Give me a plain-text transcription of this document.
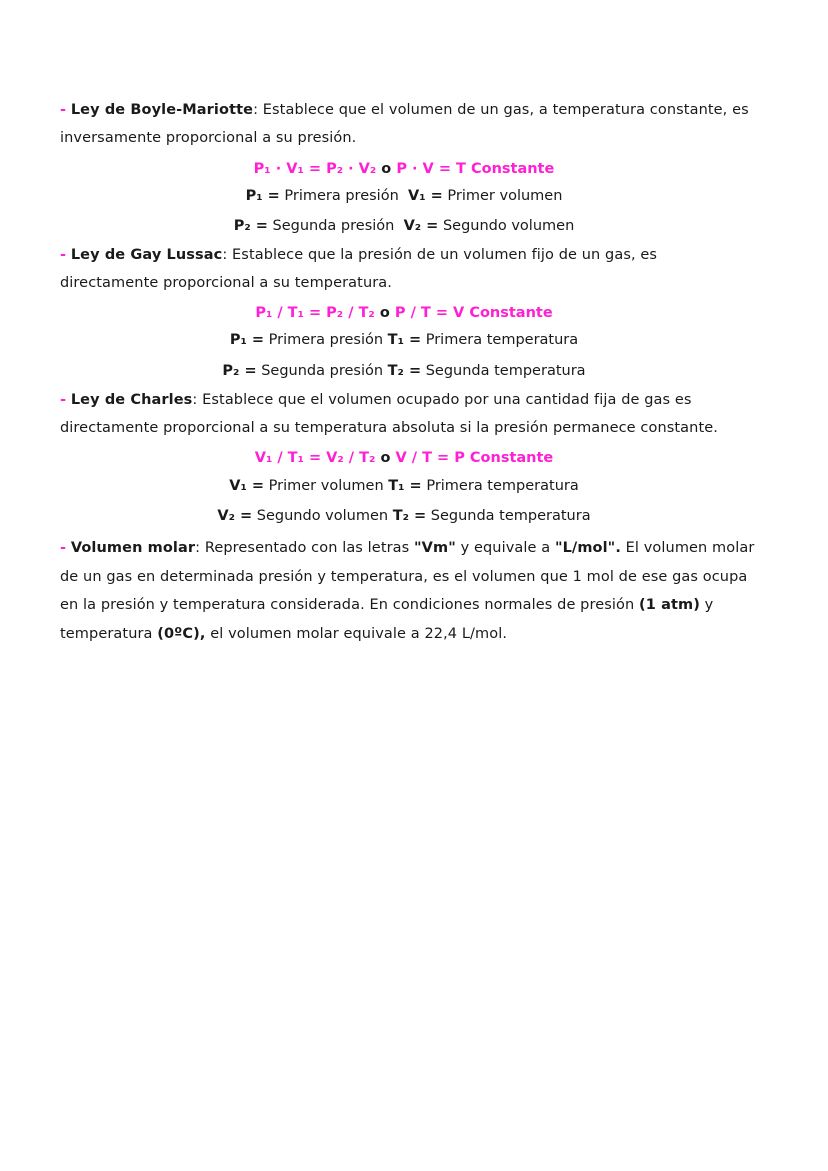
- Ley de Boyle-Mariotte: Establece que el volumen de un gas, a temperatura constante, es inversamente proporcional a su presión.
P₁ · V₁ = P₂ · V₂ o P · V = T Constante
P₁ = Primera presión V₁ = Primer volumen
P₂ = Segunda presión V₂ = Segundo volumen
- Ley de Gay Lussac: Establece que la presión de un volumen fijo de un gas, es directamente proporcional a su temperatura.
P₁ / T₁ = P₂ / T₂ o P / T = V Constante
P₁ = Primera presión T₁ = Primera temperatura
P₂ = Segunda presión T₂ = Segunda temperatura
- Ley de Charles: Establece que el volumen ocupado por una cantidad fija de gas es directamente proporcional a su temperatura absoluta si la presión permanece constante.
V₁ / T₁ = V₂ / T₂ o V / T = P Constante
V₁ = Primer volumen T₁ = Primera temperatura
V₂ = Segundo volumen T₂ = Segunda temperatura
- Volumen molar: Representado con las letras "Vm" y equivale a "L/mol". El volumen molar de un gas en determinada presión y temperatura, es el volumen que 1 mol de ese gas ocupa en la presión y temperatura considerada. En condiciones normales de presión (1 atm) y temperatura (0ºC), el volumen molar equivale a 22,4 L/mol.
